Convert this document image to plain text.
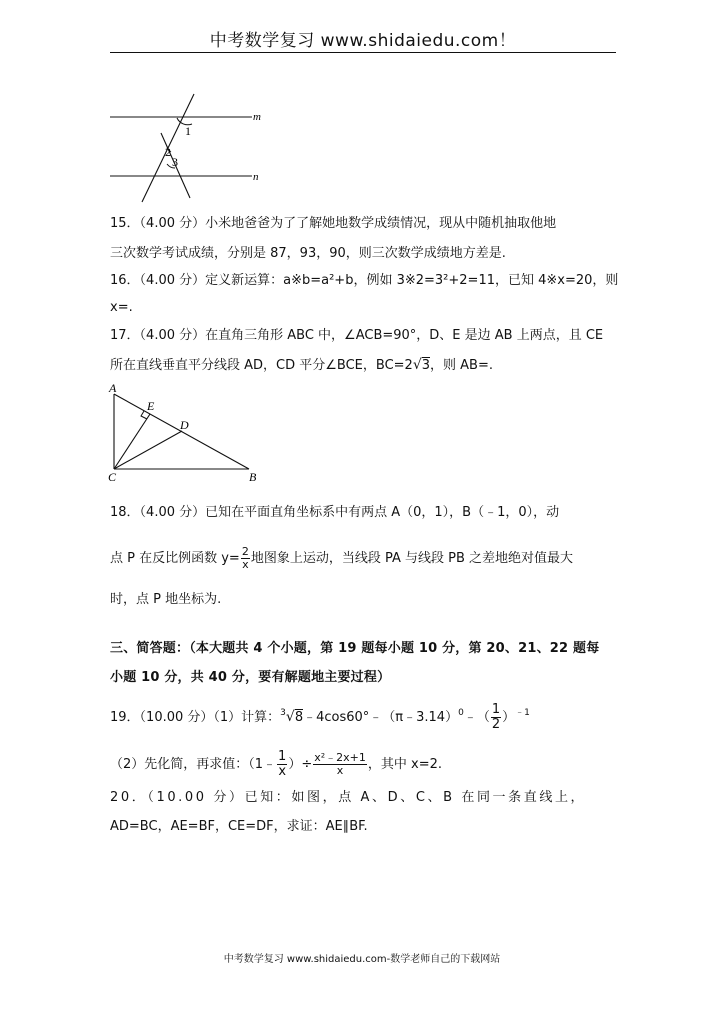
中考数学复习 www.shidaiedu.com！
m
n
1
2
3
15．（4.00 分）小米地爸爸为了了解她地数学成绩情况，现从中随机抽取他地
三次数学考试成绩，分别是 87，93，90，则三次数学成绩地方差是.
16．（4.00 分）定义新运算：a※b=a²+b，例如 3※2=3²+2=11，已知 4※x=20，则
x=.
17．（4.00 分）在直角三角形 ABC 中，∠ACB=90°，D、E 是边 AB 上两点，且 CE
所在直线垂直平分线段 AD，CD 平分∠BCE，BC=2√3，则 AB=.
A
E
D
C	B
18．（4.00 分）已知在平面直角坐标系中有两点 A（0，1），B（﹣1，0），动
点 P 在反比例函数 $y= \frac{2}{x}$ 地图象上运动，当线段 PA 与线段 PB 之差地绝对值最大
时，点 P 地坐标为.
三、简答题：（本大题共 4 个小题，第 19 题每小题 10 分，第 20、21、22 题每
小题 10 分，共 40 分，要有解题地主要过程）
19．（10.00 分）（1）计算：$^3$√8﹣4cos60°﹣（π﹣3.14）$^0$﹣（ $\frac{1}{2} )^{﹣1}$
（2）先化简，再求值：（1﹣ $\frac{1}{x}$ ）÷ $\frac{\text{x²﹣2x+1}}{x}$ ，其中 x=2.
20．（10.00 分）已知：如图，点 A、D、C、B 在同一条直线上，
AD=BC，AE=BF，CE=DF，求证：AE∥BF.
中考数学复习 www.shidaiedu.com-数学老师自己的下载网站
